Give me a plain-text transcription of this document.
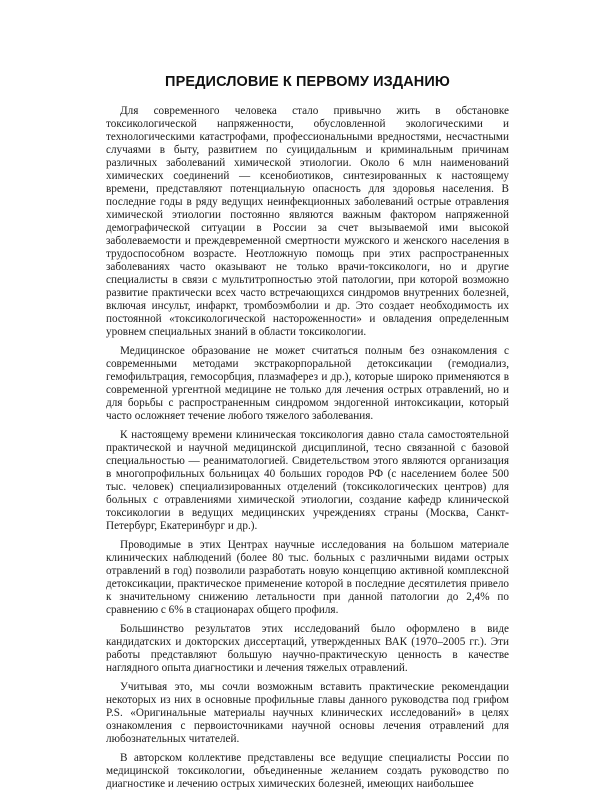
ПРЕДИСЛОВИЕ К ПЕРВОМУ ИЗДАНИЮ

Для современного человека стало привычно жить в обстановке токсикологической напряженности, обусловленной экологическими и технологическими катастрофами, профессиональными вредностями, несчастными случаями в быту, развитием по суицидальным и криминальным причинам различных заболеваний химической этиологии. Около 6 млн наименований химических соединений — ксенобиотиков, синтезированных к настоящему времени, представляют потенциальную опасность для здоровья населения. В последние годы в ряду ведущих неинфекционных заболеваний острые отравления химической этиологии постоянно являются важным фактором напряженной демографической ситуации в России за счет вызываемой ими высокой заболеваемости и преждевременной смертности мужского и женского населения в трудоспособном возрасте. Неотложную помощь при этих распространенных заболеваниях часто оказывают не только врачи-токсикологи, но и другие специалисты в связи с мультитропностью этой патологии, при которой возможно развитие практически всех часто встречающихся синдромов внутренних болезней, включая инсульт, инфаркт, тромбоэмболии и др. Это создает необходимость их постоянной «токсикологической настороженности» и овладения определенным уровнем специальных знаний в области токсикологии.

Медицинское образование не может считаться полным без ознакомления с современными методами экстракорпоральной детоксикации (гемодиализ, гемофильтрация, гемосорбция, плазмаферез и др.), которые широко применяются в современной ургентной медицине не только для лечения острых отравлений, но и для борьбы с распространенным синдромом эндогенной интоксикации, который часто осложняет течение любого тяжелого заболевания.

К настоящему времени клиническая токсикология давно стала самостоятельной практической и научной медицинской дисциплиной, тесно связанной с базовой специальностью — реаниматологией. Свидетельством этого являются организация в многопрофильных больницах 40 больших городов РФ (с населением более 500 тыс. человек) специализированных отделений (токсикологических центров) для больных с отравлениями химической этиологии, создание кафедр клинической токсикологии в ведущих медицинских учреждениях страны (Москва, Санкт-Петербург, Екатеринбург и др.).

Проводимые в этих Центрах научные исследования на большом материале клинических наблюдений (более 80 тыс. больных с различными видами острых отравлений в год) позволили разработать новую концепцию активной комплексной детоксикации, практическое применение которой в последние десятилетия привело к значительному снижению летальности при данной патологии до 2,4% по сравнению с 6% в стационарах общего профиля.

Большинство результатов этих исследований было оформлено в виде кандидатских и докторских диссертаций, утвержденных ВАК (1970–2005 гг.). Эти работы представляют большую научно-практическую ценность в качестве наглядного опыта диагностики и лечения тяжелых отравлений.

Учитывая это, мы сочли возможным вставить практические рекомендации некоторых из них в основные профильные главы данного руководства под грифом P.S. «Оригинальные материалы научных клинических исследований» в целях ознакомления с первоисточниками научной основы лечения отравлений для любознательных читателей.

В авторском коллективе представлены все ведущие специалисты России по медицинской токсикологии, объединенные желанием создать руководство по диагностике и лечению острых химических болезней, имеющих наибольшее
